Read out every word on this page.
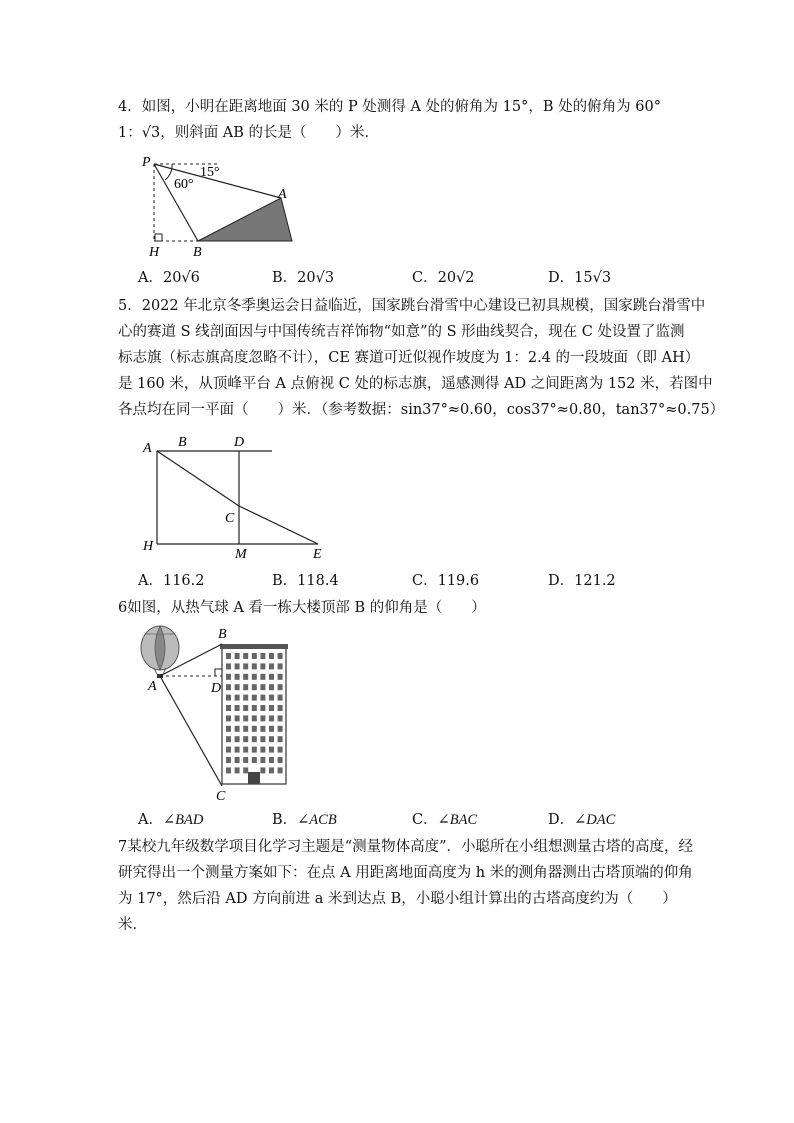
4．如图，小明在距离地面 30 米的 P 处测得 A 处的俯角为 15°，B 处的俯角为 60°
1：√3，则斜面 AB 的长是（　　）米．
P
A
B
H
15°
60°
A．20√6	B．20√3	C．20√2	D．15√3
5．2022 年北京冬季奥运会日益临近，国家跳台滑雪中心建设已初具规模，国家跳台滑雪中
心的赛道 S 线剖面因与中国传统吉祥饰物“如意”的 S 形曲线契合，现在 C 处设置了监测
标志旗（标志旗高度忽略不计），CE 赛道可近似视作坡度为 1：2.4 的一段坡面（即 AH）
是 160 米，从顶峰平台 A 点俯视 C 处的标志旗，遥感测得 AD 之间距离为 152 米，若图中
各点均在同一平面（　　）米．（参考数据：sin37°≈0.60，cos37°≈0.80，tan37°≈0.75）
A B	D
C
H
M	E
A．116.2	B．118.4	C．119.6	D．121.2
6如图，从热气球 A 看一栋大楼顶部 B 的仰角是（　　）
B
A	D
C
A．∠BAD	B．∠ACB	C．∠BAC	D．∠DAC
7某校九年级数学项目化学习主题是“测量物体高度”．小聪所在小组想测量古塔的高度，经
研究得出一个测量方案如下：在点 A 用距离地面高度为 h 米的测角器测出古塔顶端的仰角
为 17°，然后沿 AD 方向前进 a 米到达点 B，小聪小组计算出的古塔高度约为（　　）
米．
